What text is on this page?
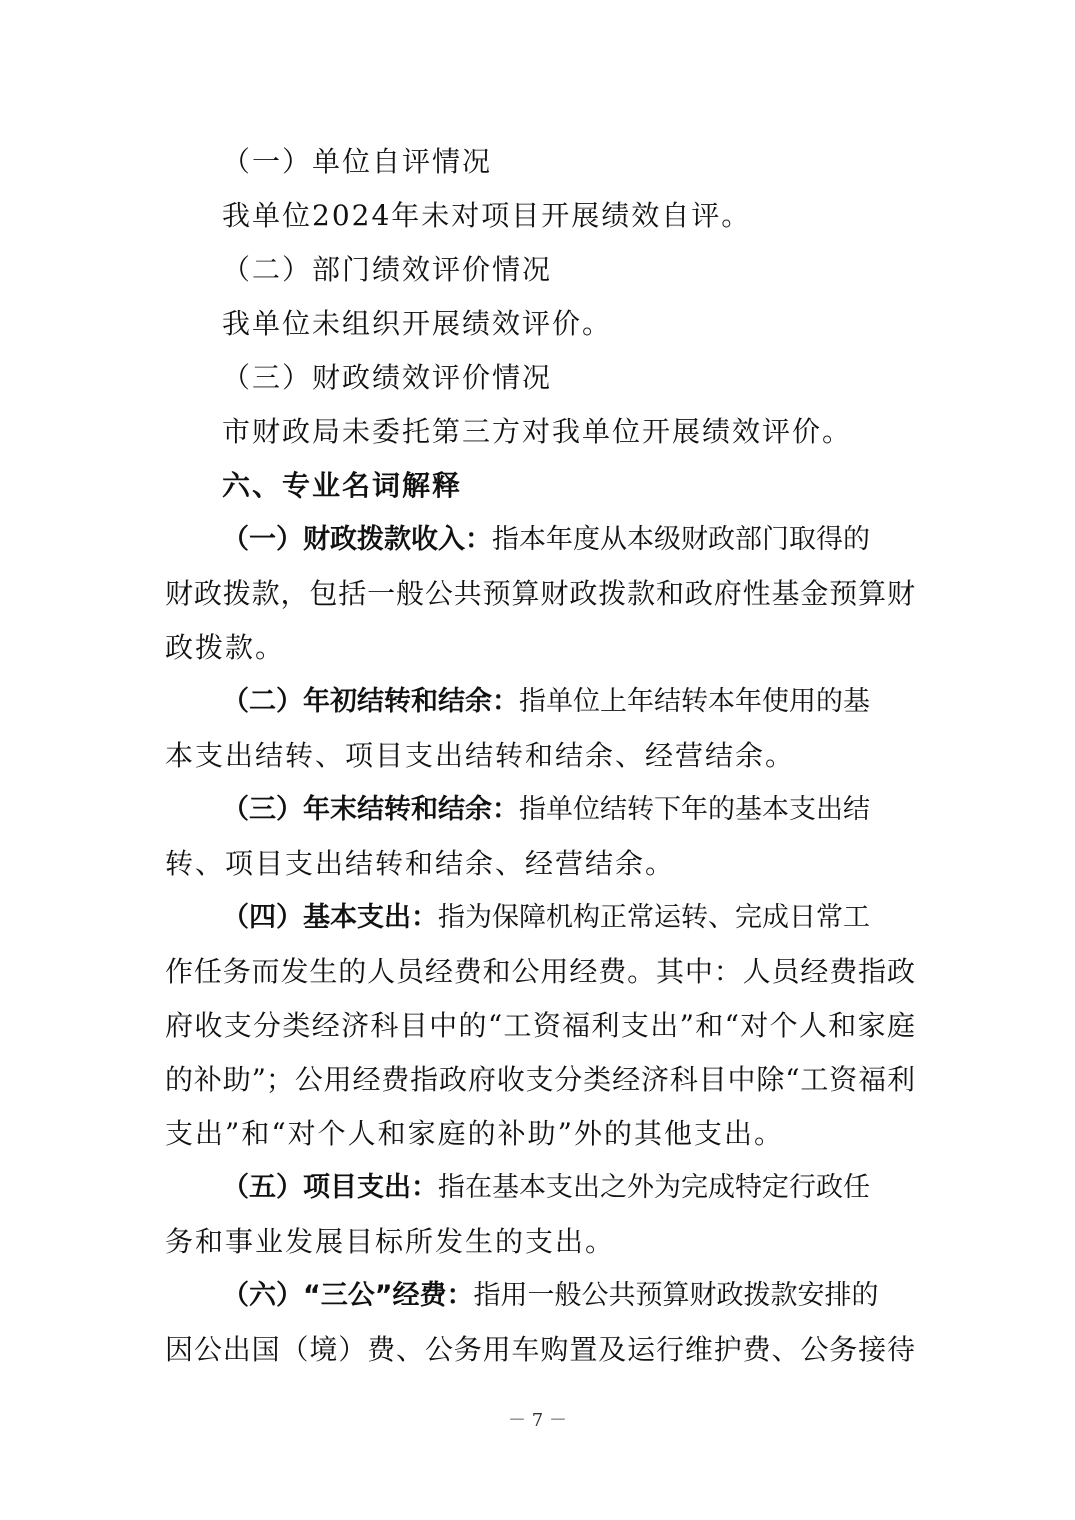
（一）单位自评情况
我单位2024年未对项目开展绩效自评。
（二）部门绩效评价情况
我单位未组织开展绩效评价。
（三）财政绩效评价情况
市财政局未委托第三方对我单位开展绩效评价。
六、专业名词解释
（一）财政拨款收入：指本年度从本级财政部门取得的
财政拨款，包括一般公共预算财政拨款和政府性基金预算财
政拨款。
（二）年初结转和结余：指单位上年结转本年使用的基
本支出结转、项目支出结转和结余、经营结余。
（三）年末结转和结余：指单位结转下年的基本支出结
转、项目支出结转和结余、经营结余。
（四）基本支出：指为保障机构正常运转、完成日常工
作任务而发生的人员经费和公用经费。其中：人员经费指政
府收支分类经济科目中的“工资福利支出”和“对个人和家庭
的补助”；公用经费指政府收支分类经济科目中除“工资福利
支出”和“对个人和家庭的补助”外的其他支出。
（五）项目支出：指在基本支出之外为完成特定行政任
务和事业发展目标所发生的支出。
（六）“三公”经费：指用一般公共预算财政拨款安排的
因公出国（境）费、公务用车购置及运行维护费、公务接待
－ 7 －
